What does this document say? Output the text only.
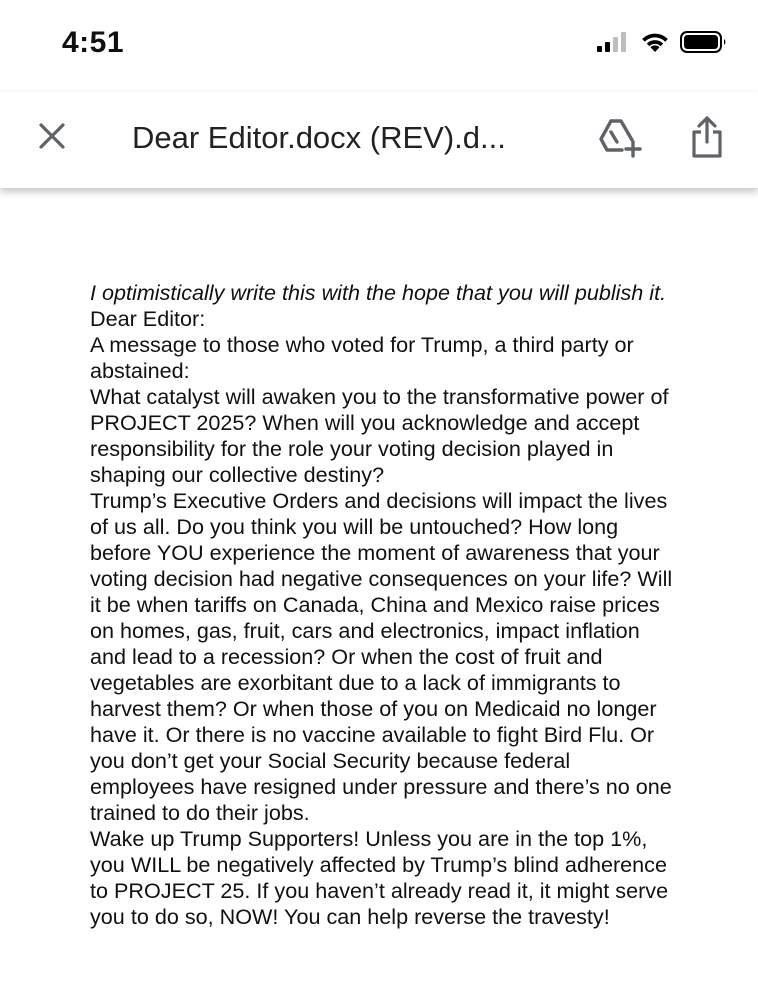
4:51
Dear Editor.docx (REV).d...

I optimistically write this with the hope that you will publish it.

Dear Editor:

A message to those who voted for Trump, a third party or abstained:

What catalyst will awaken you to the transformative power of PROJECT 2025? When will you acknowledge and accept responsibility for the role your voting decision played in shaping our collective destiny?

Trump’s Executive Orders and decisions will impact the lives of us all. Do you think you will be untouched? How long before YOU experience the moment of awareness that your voting decision had negative consequences on your life? Will it be when tariffs on Canada, China and Mexico raise prices on homes, gas, fruit, cars and electronics, impact inflation and lead to a recession? Or when the cost of fruit and vegetables are exorbitant due to a lack of immigrants to harvest them? Or when those of you on Medicaid no longer have it. Or there is no vaccine available to fight Bird Flu. Or you don’t get your Social Security because federal employees have resigned under pressure and there’s no one trained to do their jobs.

Wake up Trump Supporters! Unless you are in the top 1%, you WILL be negatively affected by Trump’s blind adherence to PROJECT 25. If you haven’t already read it, it might serve you to do so, NOW! You can help reverse the travesty!
